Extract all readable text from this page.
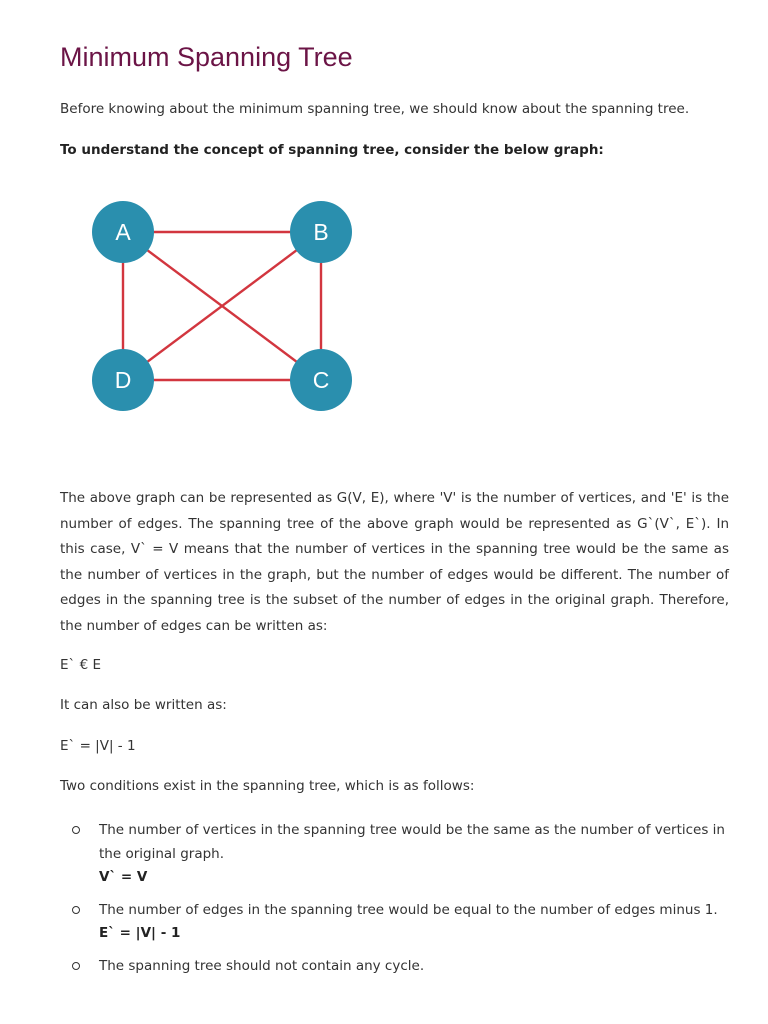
Minimum Spanning Tree

Before knowing about the minimum spanning tree, we should know about the spanning tree.

To understand the concept of spanning tree, consider the below graph:

A	B
C
D

The above graph can be represented as G(V, E), where 'V' is the number of vertices, and 'E' is the number of edges. The spanning tree of the above graph would be represented as G`(V`, E`). In this case, V` = V means that the number of vertices in the spanning tree would be the same as the number of vertices in the graph, but the number of edges would be different. The number of edges in the spanning tree is the subset of the number of edges in the original graph. Therefore, the number of edges can be written as:

E` € E

It can also be written as:

E` = |V| - 1

Two conditions exist in the spanning tree, which is as follows:

The number of vertices in the spanning tree would be the same as the number of vertices in the original graph.
V` = V
The number of edges in the spanning tree would be equal to the number of edges minus 1.
E` = |V| - 1
The spanning tree should not contain any cycle.
